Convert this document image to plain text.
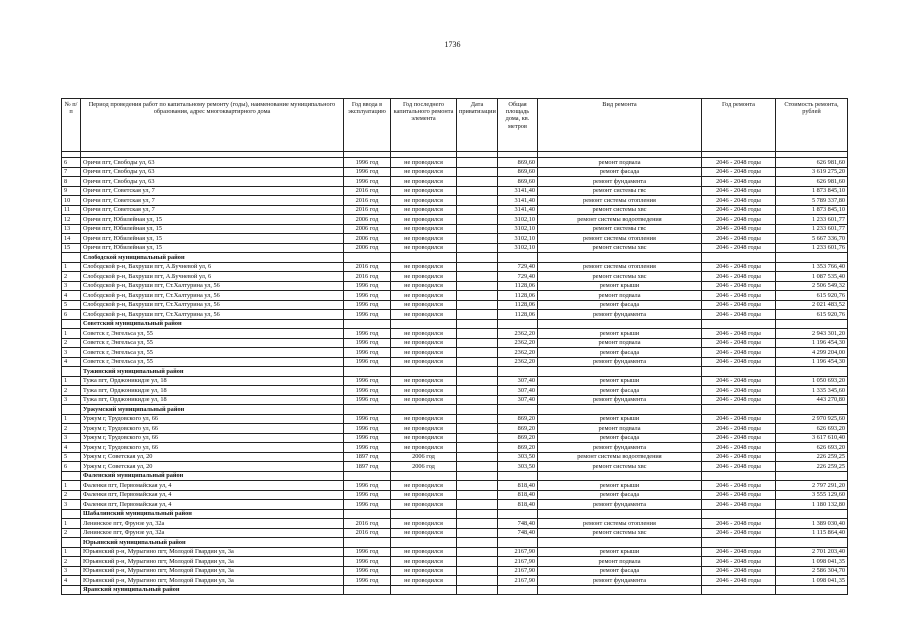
1736
№ п/п	Период проведения работ по капитальному ремонту (годы), наименование муниципального образования, адрес многоквартирного дома	Год ввода в эксплуатацию	Год последнего капитального ремонта элемента	Дата приватизации	Общая площадь дома, кв. метров	Вид ремонта	Год ремонта	Стоимость ремонта, рублей

6	Оричи пгт, Свободы ул, 63	1996 год	не проводился		869,60	ремонт подвала	2046 - 2048 годы	626 981,60
7	Оричи пгт, Свободы ул, 63	1996 год	не проводился		869,60	ремонт фасада	2046 - 2048 годы	3 619 275,20
8	Оричи пгт, Свободы ул, 63	1996 год	не проводился		869,60	ремонт фундамента	2046 - 2048 годы	626 981,60
9	Оричи пгт, Советская ул, 7	2016 год	не проводился		3141,40	ремонт системы гвс	2046 - 2048 годы	1 873 845,10
10	Оричи пгт, Советская ул, 7	2016 год	не проводился		3141,40	ремонт системы отопления	2046 - 2048 годы	5 789 337,80
11	Оричи пгт, Советская ул, 7	2016 год	не проводился		3141,40	ремонт системы хвс	2046 - 2048 годы	1 873 845,10
12	Оричи пгт, Юбилейная ул, 15	2006 год	не проводился		3102,10	ремонт системы водоотведения	2046 - 2048 годы	1 233 601,77
13	Оричи пгт, Юбилейная ул, 15	2006 год	не проводился		3102,10	ремонт системы гвс	2046 - 2048 годы	1 233 601,77
14	Оричи пгт, Юбилейная ул, 15	2006 год	не проводился		3102,10	ремонт системы отопления	2046 - 2048 годы	5 667 336,70
15	Оричи пгт, Юбилейная ул, 15	2006 год	не проводился		3102,10	ремонт системы хвс	2046 - 2048 годы	1 233 601,76
	Слободской муниципальный район							
1	Слободской р-н, Вахруши пгт, А.Бучневой ул, 6	2016 год	не проводился		729,40	ремонт системы отопления	2046 - 2048 годы	1 353 766,40
2	Слободской р-н, Вахруши пгт, А.Бучневой ул, 6	2016 год	не проводился		729,40	ремонт системы хвс	2046 - 2048 годы	1 087 535,40
3	Слободской р-н, Вахруши пгт, Ст.Халтурина ул, 56	1996 год	не проводился		1128,06	ремонт крыши	2046 - 2048 годы	2 506 549,32
4	Слободской р-н, Вахруши пгт, Ст.Халтурина ул, 56	1996 год	не проводился		1128,06	ремонт подвала	2046 - 2048 годы	615 920,76
5	Слободской р-н, Вахруши пгт, Ст.Халтурина ул, 56	1996 год	не проводился		1128,06	ремонт фасада	2046 - 2048 годы	2 021 483,52
6	Слободской р-н, Вахруши пгт, Ст.Халтурина ул, 56	1996 год	не проводился		1128,06	ремонт фундамента	2046 - 2048 годы	615 920,76
	Советский муниципальный район							
1	Советск г, Энгельса ул, 55	1996 год	не проводился		2362,20	ремонт крыши	2046 - 2048 годы	2 943 301,20
2	Советск г, Энгельса ул, 55	1996 год	не проводился		2362,20	ремонт подвала	2046 - 2048 годы	1 196 454,30
3	Советск г, Энгельса ул, 55	1996 год	не проводился		2362,20	ремонт фасада	2046 - 2048 годы	4 299 204,00
4	Советск г, Энгельса ул, 55	1996 год	не проводился		2362,20	ремонт фундамента	2046 - 2048 годы	1 196 454,30
	Тужинский муниципальный район							
1	Тужа пгт, Орджоникидзе ул, 18	1996 год	не проводился		307,40	ремонт крыши	2046 - 2048 годы	1 050 693,20
2	Тужа пгт, Орджоникидзе ул, 18	1996 год	не проводился		307,40	ремонт фасада	2046 - 2048 годы	1 335 345,60
3	Тужа пгт, Орджоникидзе ул, 18	1996 год	не проводился		307,40	ремонт фундамента	2046 - 2048 годы	443 270,80
	Уржумский муниципальный район							
1	Уржум г, Трудовского ул, 66	1996 год	не проводился		869,20	ремонт крыши	2046 - 2048 годы	2 970 925,60
2	Уржум г, Трудовского ул, 66	1996 год	не проводился		869,20	ремонт подвала	2046 - 2048 годы	626 693,20
3	Уржум г, Трудовского ул, 66	1996 год	не проводился		869,20	ремонт фасада	2046 - 2048 годы	3 617 610,40
4	Уржум г, Трудовского ул, 66	1996 год	не проводился		869,20	ремонт фундамента	2046 - 2048 годы	626 693,20
5	Уржум г, Советская ул, 20	1897 год	2006 год		303,50	ремонт системы водоотведения	2046 - 2048 годы	226 259,25
6	Уржум г, Советская ул, 20	1897 год	2006 год		303,50	ремонт системы хвс	2046 - 2048 годы	226 259,25
	Фаленский муниципальный район							
1	Фаленки пгт, Первомайская ул, 4	1996 год	не проводился		818,40	ремонт крыши	2046 - 2048 годы	2 797 291,20
2	Фаленки пгт, Первомайская ул, 4	1996 год	не проводился		818,40	ремонт фасада	2046 - 2048 годы	3 555 129,60
3	Фаленки пгт, Первомайская ул, 4	1996 год	не проводился		818,40	ремонт фундамента	2046 - 2048 годы	1 180 132,80
	Шабалинский муниципальный район							
1	Ленинское пгт, Фрунзе ул, 32а	2016 год	не проводился		748,40	ремонт системы отопления	2046 - 2048 годы	1 389 030,40
2	Ленинское пгт, Фрунзе ул, 32а	2016 год	не проводился		748,40	ремонт системы хвс	2046 - 2048 годы	1 115 864,40
	Юрьянский муниципальный район							
1	Юрьянский р-н, Мурыгино пгт, Молодой Гвардии ул, 3а	1996 год	не проводился		2167,90	ремонт крыши	2046 - 2048 годы	2 701 203,40
2	Юрьянский р-н, Мурыгино пгт, Молодой Гвардии ул, 3а	1996 год	не проводился		2167,90	ремонт подвала	2046 - 2048 годы	1 098 041,35
3	Юрьянский р-н, Мурыгино пгт, Молодой Гвардии ул, 3а	1996 год	не проводился		2167,90	ремонт фасада	2046 - 2048 годы	2 586 304,70
4	Юрьянский р-н, Мурыгино пгт, Молодой Гвардии ул, 3а	1996 год	не проводился		2167,90	ремонт фундамента	2046 - 2048 годы	1 098 041,35
	Яранский муниципальный район							
